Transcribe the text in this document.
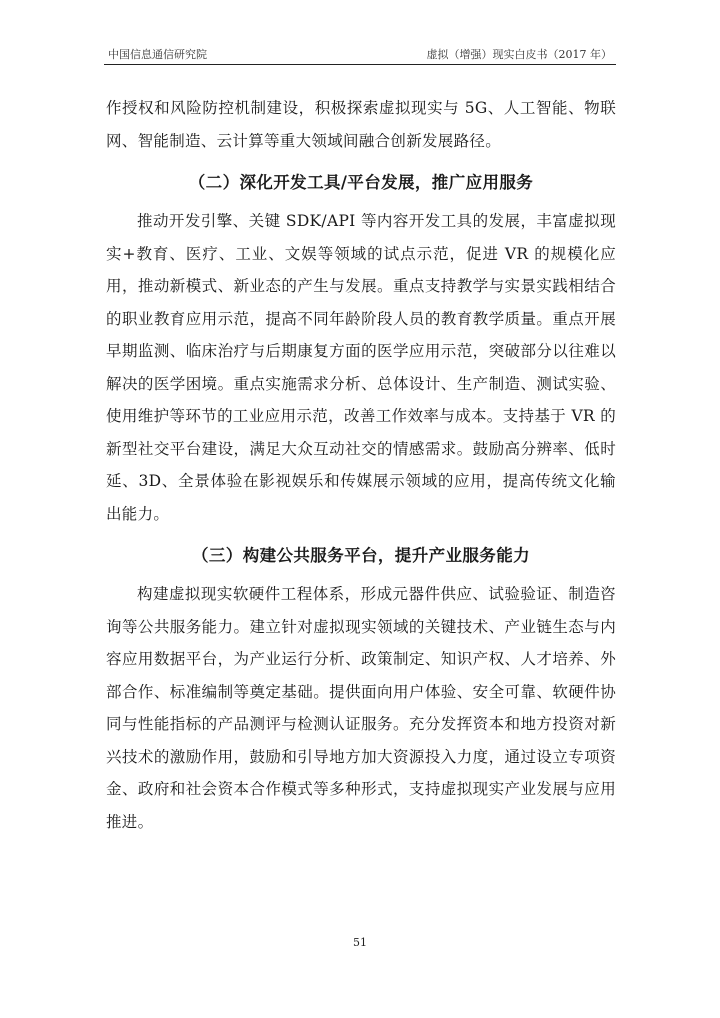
中国信息通信研究院	虚拟（增强）现实白皮书（2017 年）

作授权和风险防控机制建设，积极探索虚拟现实与 5G、人工智能、物联网、智能制造、云计算等重大领域间融合创新发展路径。

（二）深化开发工具/平台发展，推广应用服务

推动开发引擎、关键 SDK/API 等内容开发工具的发展，丰富虚拟现实+教育、医疗、工业、文娱等领域的试点示范，促进 VR 的规模化应用，推动新模式、新业态的产生与发展。重点支持教学与实景实践相结合的职业教育应用示范，提高不同年龄阶段人员的教育教学质量。重点开展早期监测、临床治疗与后期康复方面的医学应用示范，突破部分以往难以解决的医学困境。重点实施需求分析、总体设计、生产制造、测试实验、使用维护等环节的工业应用示范，改善工作效率与成本。支持基于 VR 的新型社交平台建设，满足大众互动社交的情感需求。鼓励高分辨率、低时延、3D、全景体验在影视娱乐和传媒展示领域的应用，提高传统文化输出能力。

（三）构建公共服务平台，提升产业服务能力

构建虚拟现实软硬件工程体系，形成元器件供应、试验验证、制造咨询等公共服务能力。建立针对虚拟现实领域的关键技术、产业链生态与内容应用数据平台，为产业运行分析、政策制定、知识产权、人才培养、外部合作、标准编制等奠定基础。提供面向用户体验、安全可靠、软硬件协同与性能指标的产品测评与检测认证服务。充分发挥资本和地方投资对新兴技术的激励作用，鼓励和引导地方加大资源投入力度，通过设立专项资金、政府和社会资本合作模式等多种形式，支持虚拟现实产业发展与应用推进。

51
